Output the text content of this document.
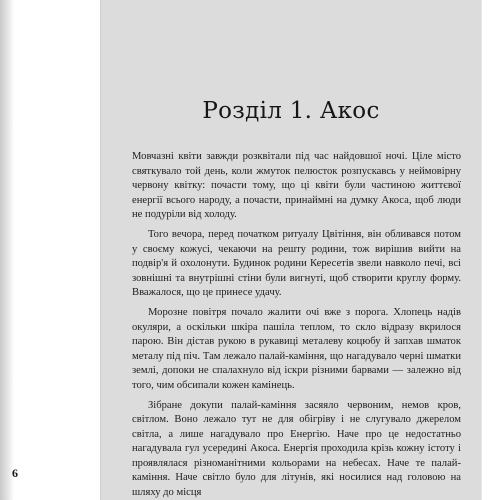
Розділ 1. Акос

Мовчазні квіти завжди розквітали під час найдовшої ночі. Ціле місто святкувало той день, коли жмуток пелюсток розпускавсь у неймовірну червону квітку: почасти тому, що ці квіти були частиною життєвої енергії всього народу, а почасти, принаймні на думку Акоса, щоб люди не подуріли від холоду.

Того вечора, перед початком ритуалу Цвітіння, він обливався потом у своєму кожусі, чекаючи на решту родини, тож вирішив вийти на подвір'я й охолонути. Будинок родини Кересетів звели навколо печі, всі зовнішні та внутрішні стіни були вигнуті, щоб створити круглу форму. Вважалося, що це принесе удачу.

Морозне повітря почало жалити очі вже з порога. Хлопець надів окуляри, а оскільки шкіра пашіла теплом, то скло відразу вкрилося парою. Він дістав рукою в рукавиці металеву коцюбу й запхав шматок металу під піч. Там лежало палай-каміння, що нагадувало черні шматки землі, допоки не спалахнуло від іскри різними барвами — залежно від того, чим обсипали кожен камінець.

Зібране докупи палай-каміння засяяло червоним, немов кров, світлом. Воно лежало тут не для обігріву і не слугувало джерелом світла, а лише нагадувало про Енергію. Наче про це недостатньо нагадувала гул усередині Акоса. Енергія проходила крізь кожну істоту і проявлялася різноманітними кольорами на небесах. Наче те палай-каміння. Наче світло було для літунів, які носилися над головою на шляху до місця

6
